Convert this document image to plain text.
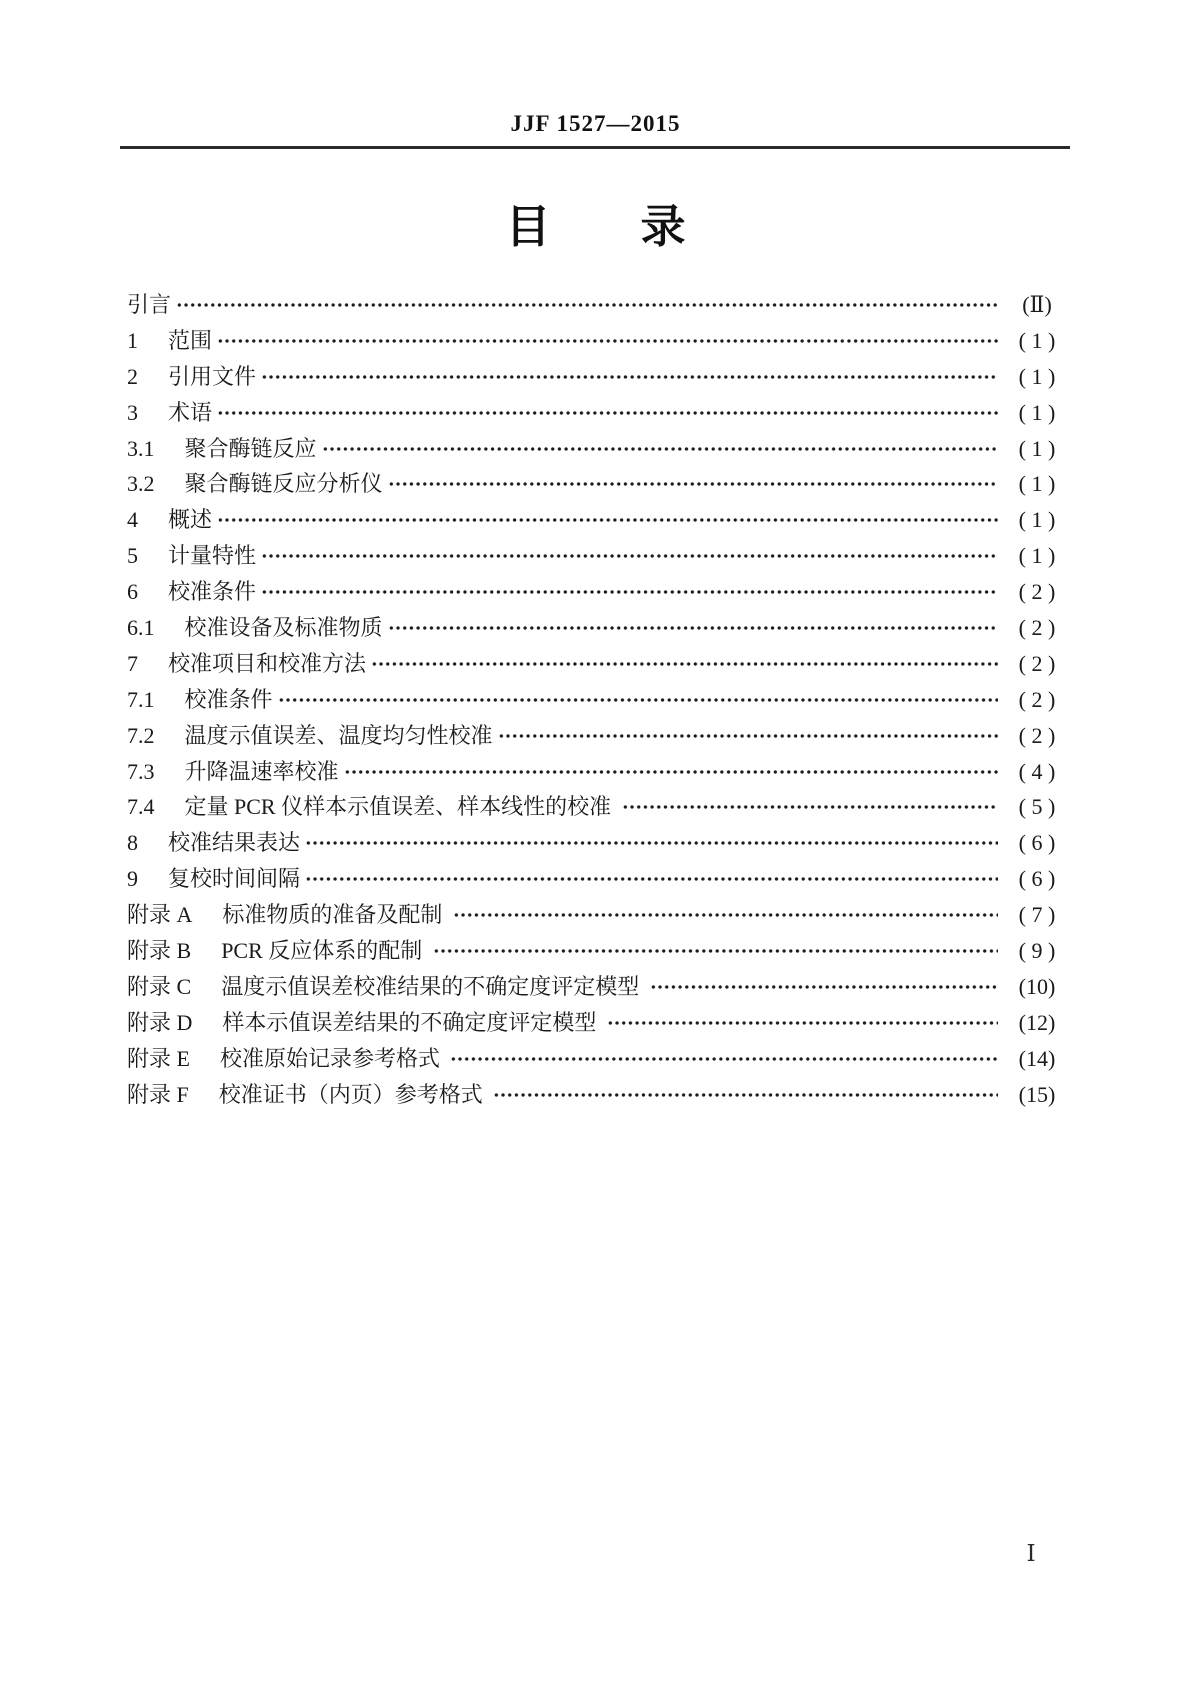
JJF 1527—2015
目　　录
引言	(Ⅱ)
1 范围	( 1 )
2 引用文件	( 1 )
3 术语	( 1 )
3.1 聚合酶链反应	( 1 )
3.2 聚合酶链反应分析仪	( 1 )
4 概述	( 1 )
5 计量特性	( 1 )
6 校准条件	( 2 )
6.1 校准设备及标准物质	( 2 )
7 校准项目和校准方法	( 2 )
7.1 校准条件	( 2 )
7.2 温度示值误差、温度均匀性校准	( 2 )
7.3 升降温速率校准	( 4 )
7.4 定量 PCR 仪样本示值误差、样本线性的校准	( 5 )
8 校准结果表达	( 6 )
9 复校时间间隔	( 6 )
附录 A 标准物质的准备及配制	( 7 )
附录 B PCR 反应体系的配制	( 9 )
附录 C 温度示值误差校准结果的不确定度评定模型	(10)
附录 D 样本示值误差结果的不确定度评定模型	(12)
附录 E 校准原始记录参考格式	(14)
附录 F 校准证书（内页）参考格式	(15)
Ⅰ
